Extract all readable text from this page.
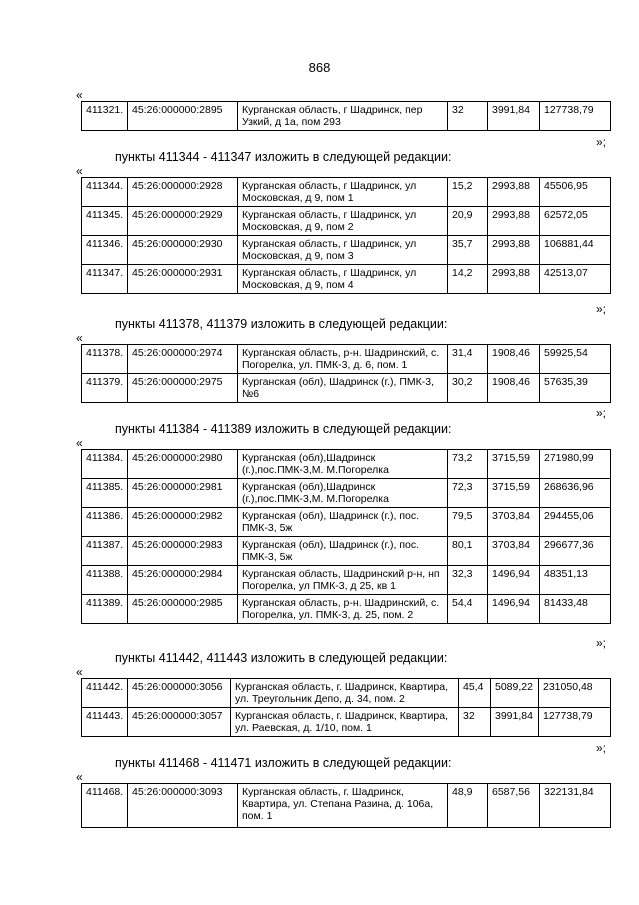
868
«
411321.	45:26:000000:2895	Курганская область, г Шадринск, пер Узкий, д 1а, пом 293	32	3991,84	127738,79
»;
пункты 411344 - 411347 изложить в следующей редакции:
«
411344.	45:26:000000:2928	Курганская область, г Шадринск, ул Московская, д 9, пом 1	15,2	2993,88	45506,95
411345.	45:26:000000:2929	Курганская область, г Шадринск, ул Московская, д 9, пом 2	20,9	2993,88	62572,05
411346.	45:26:000000:2930	Курганская область, г Шадринск, ул Московская, д 9, пом 3	35,7	2993,88	106881,44
411347.	45:26:000000:2931	Курганская область, г Шадринск, ул Московская, д 9, пом 4	14,2	2993,88	42513,07
»;
пункты 411378, 411379 изложить в следующей редакции:
«
411378.	45:26:000000:2974	Курганская область, р-н. Шадринский, с. Погорелка, ул. ПМК-3, д. 6, пом. 1	31,4	1908,46	59925,54
411379.	45:26:000000:2975	Курганская (обл), Шадринск (г.), ПМК-3, №6	30,2	1908,46	57635,39
»;
пункты 411384 - 411389 изложить в следующей редакции:
«
411384.	45:26:000000:2980	Курганская (обл),Шадринск (г.),пос.ПМК-3,М. М.Погорелка	73,2	3715,59	271980,99
411385.	45:26:000000:2981	Курганская (обл),Шадринск (г.),пос.ПМК-3,М. М.Погорелка	72,3	3715,59	268636,96
411386.	45:26:000000:2982	Курганская (обл), Шадринск (г.), пос. ПМК-3, 5ж	79,5	3703,84	294455,06
411387.	45:26:000000:2983	Курганская (обл), Шадринск (г.), пос. ПМК-3, 5ж	80,1	3703,84	296677,36
411388.	45:26:000000:2984	Курганская область, Шадринский р-н, нп Погорелка, ул ПМК-3, д 25, кв 1	32,3	1496,94	48351,13
411389.	45:26:000000:2985	Курганская область, р-н. Шадринский, с. Погорелка, ул. ПМК-3, д. 25, пом. 2	54,4	1496,94	81433,48
»;
пункты 411442, 411443 изложить в следующей редакции:
«
411442.	45:26:000000:3056	Курганская область, г. Шадринск, Квартира, ул. Треугольник Депо, д. 34, пом. 2	45,4	5089,22	231050,48
411443.	45:26:000000:3057	Курганская область, г. Шадринск, Квартира, ул. Раевская, д. 1/10, пом. 1	32	3991,84	127738,79
»;
пункты 411468 - 411471 изложить в следующей редакции:
«
411468.	45:26:000000:3093	Курганская область, г. Шадринск, Квартира, ул. Степана Разина, д. 106а, пом. 1	48,9	6587,56	322131,84
